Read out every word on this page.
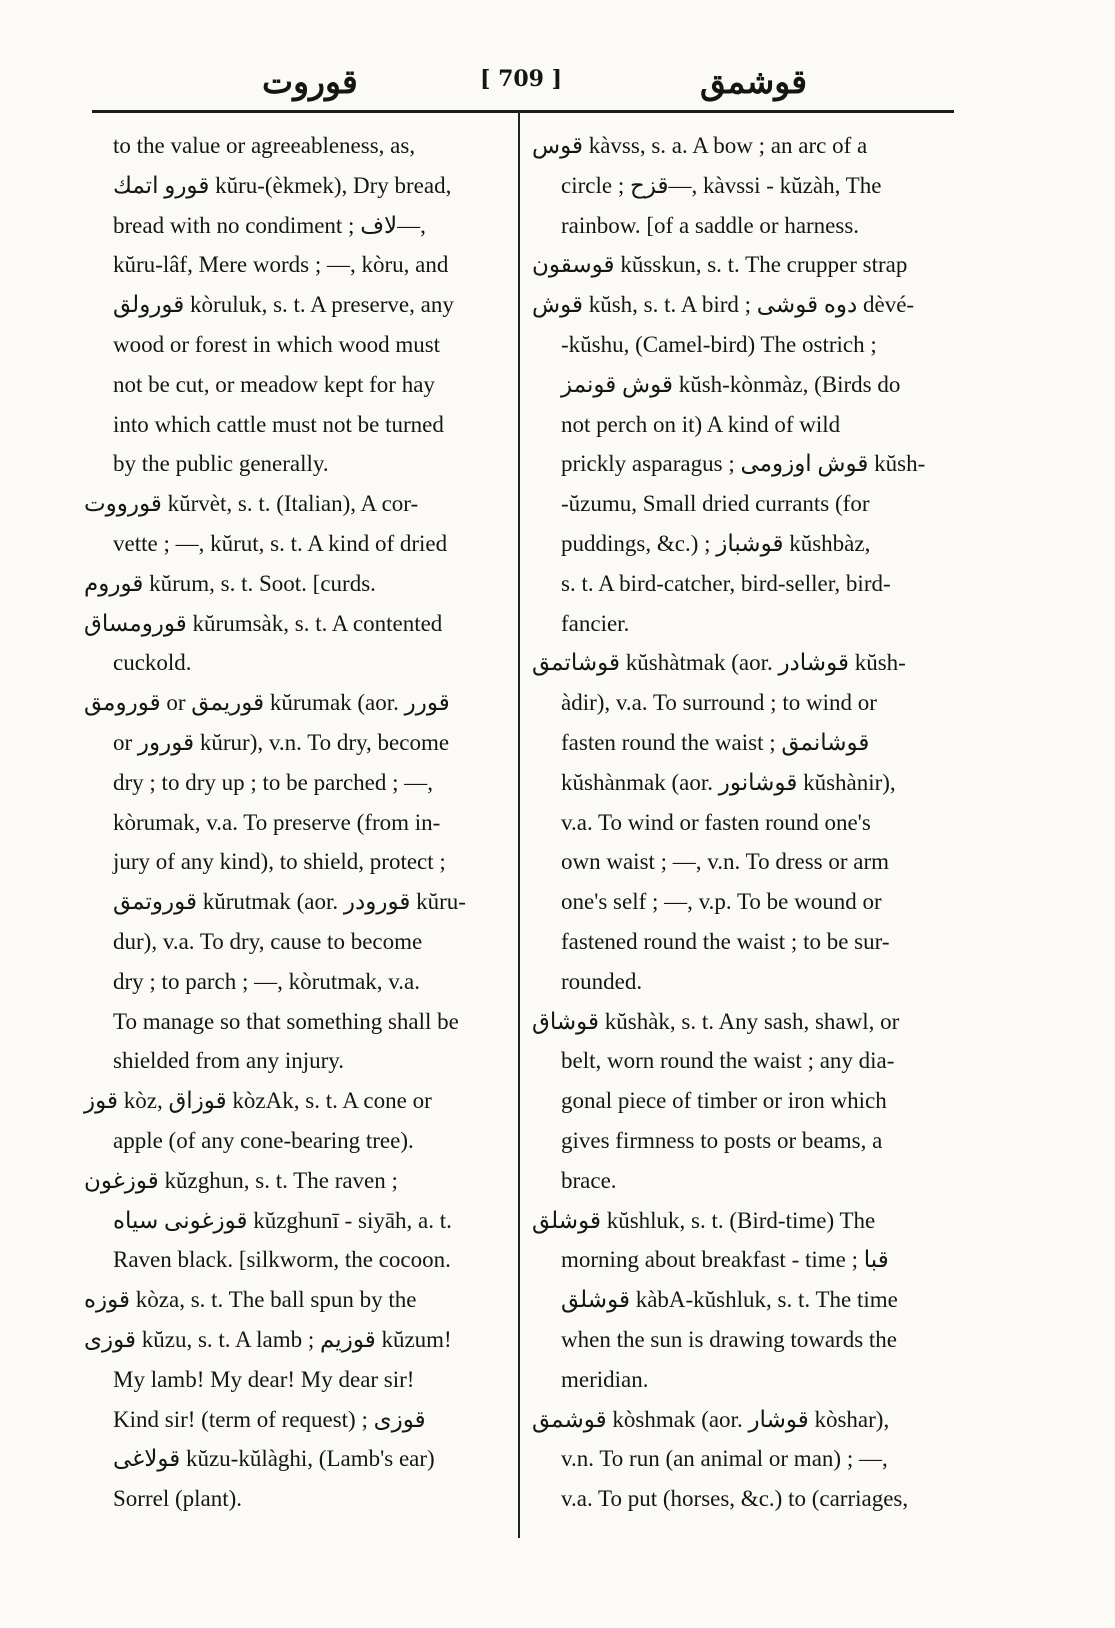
قوروت	[ 709 ]	قوشمق
to the value or agreeableness, as,
قورو اتمك kŭru-(èkmek), Dry bread,
bread with no condiment ; لاف—,
kŭru-lâf, Mere words ; —, kòru, and
قورولق kòruluk, s. t. A preserve, any
wood or forest in which wood must
not be cut, or meadow kept for hay
into which cattle must not be turned
by the public generally.
قورووت kŭrvèt, s. t. (Italian), A cor-
vette ; —, kŭrut, s. t. A kind of dried
قوروم kŭrum, s. t. Soot. [curds.
قورومساق kŭrumsàk, s. t. A contented
cuckold.
قورومق or قوريمق kŭrumak (aor. قورر
or قورور kŭrur), v.n. To dry, become
dry ; to dry up ; to be parched ; —,
kòrumak, v.a. To preserve (from in-
jury of any kind), to shield, protect ;
قوروتمق kŭrutmak (aor. قورودر kŭru-
dur), v.a. To dry, cause to become
dry ; to parch ; —, kòrutmak, v.a.
To manage so that something shall be
shielded from any injury.
قوز kòz, قوزاق kòzAk, s. t. A cone or
apple (of any cone-bearing tree).
قوزغون kŭzghun, s. t. The raven ;
قوزغونى سياه kŭzghunī - siyāh, a. t.
Raven black. [silkworm, the cocoon.
قوزه kòza, s. t. The ball spun by the
قوزى kŭzu, s. t. A lamb ; قوزيم kŭzum!
My lamb! My dear! My dear sir!
Kind sir! (term of request) ; قوزى
قولاغى kŭzu-kŭlàghi, (Lamb's ear)
Sorrel (plant).
قوس kàvss, s. a. A bow ; an arc of a
circle ; قزح—, kàvssi - kŭzàh, The
rainbow. [of a saddle or harness.
قوسقون kŭsskun, s. t. The crupper strap
قوش kŭsh, s. t. A bird ; دوه قوشى dèvé-
-kŭshu, (Camel-bird) The ostrich ;
قوش قونمز kŭsh-kònmàz, (Birds do
not perch on it) A kind of wild
prickly asparagus ; قوش اوزومى kŭsh-
-ŭzumu, Small dried currants (for
puddings, &c.) ; قوشباز kŭshbàz,
s. t. A bird-catcher, bird-seller, bird-
fancier.
قوشاتمق kŭshàtmak (aor. قوشادر kŭsh-
àdir), v.a. To surround ; to wind or
fasten round the waist ; قوشانمق
kŭshànmak (aor. قوشانور kŭshànir),
v.a. To wind or fasten round one's
own waist ; —, v.n. To dress or arm
one's self ; —, v.p. To be wound or
fastened round the waist ; to be sur-
rounded.
قوشاق kŭshàk, s. t. Any sash, shawl, or
belt, worn round the waist ; any dia-
gonal piece of timber or iron which
gives firmness to posts or beams, a
brace.
قوشلق kŭshluk, s. t. (Bird-time) The
morning about breakfast - time ; قبا
قوشلق kàbA-kŭshluk, s. t. The time
when the sun is drawing towards the
meridian.
قوشمق kòshmak (aor. قوشار kòshar),
v.n. To run (an animal or man) ; —,
v.a. To put (horses, &c.) to (carriages,
